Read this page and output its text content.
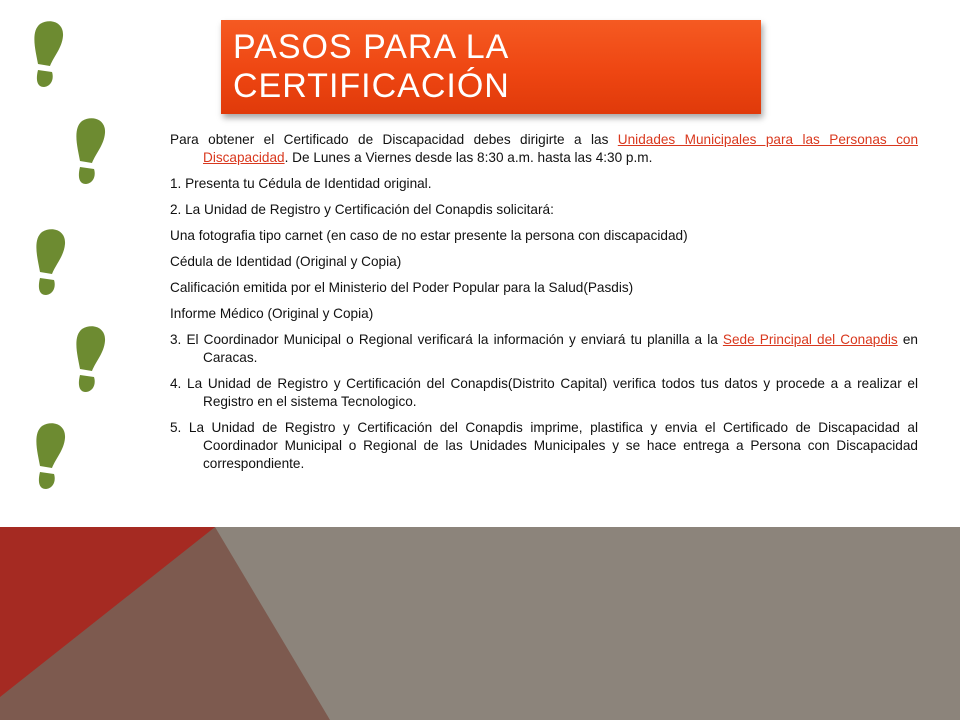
PASOS PARA LA CERTIFICACIÓN

Para obtener el Certificado de Discapacidad debes dirigirte a las Unidades Municipales para las Personas con Discapacidad. De Lunes a Viernes desde las 8:30 a.m. hasta las 4:30 p.m.

1. Presenta tu Cédula de Identidad original.

2. La Unidad de Registro y Certificación del Conapdis solicitará:

Una fotografia tipo carnet (en caso de no estar presente la persona con discapacidad)

Cédula de Identidad (Original y Copia)

Calificación emitida por el Ministerio del Poder Popular para la Salud(Pasdis)

Informe Médico (Original y Copia)

3. El Coordinador Municipal o Regional verificará la información y enviará tu planilla a la Sede Principal del Conapdis en Caracas.

4. La Unidad de Registro y Certificación del Conapdis(Distrito Capital) verifica todos tus datos y procede a a realizar el Registro en el sistema Tecnologico.

5. La Unidad de Registro y Certificación del Conapdis imprime, plastifica y envia el Certificado de Discapacidad al Coordinador Municipal o Regional de las Unidades Municipales y se hace entrega a Persona con Discapacidad correspondiente.
